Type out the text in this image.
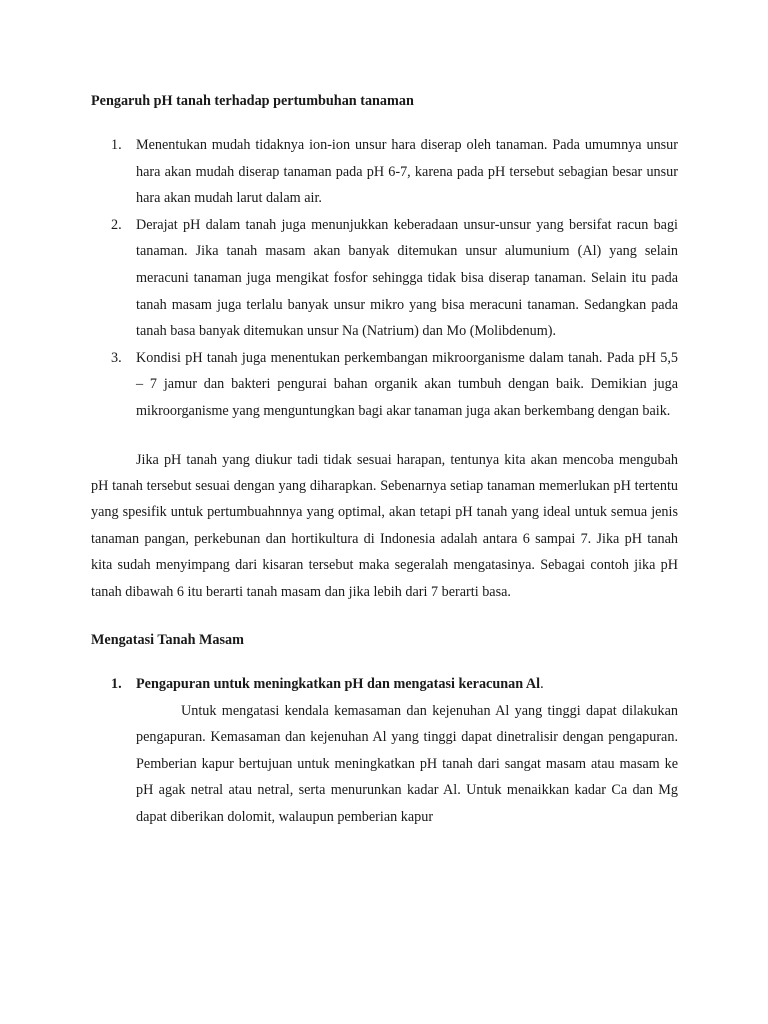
Pengaruh pH tanah terhadap pertumbuhan tanaman

1. Menentukan mudah tidaknya ion-ion unsur hara diserap oleh tanaman. Pada umumnya unsur hara akan mudah diserap tanaman pada pH 6-7, karena pada pH tersebut sebagian besar unsur hara akan mudah larut dalam air.
2. Derajat pH dalam tanah juga menunjukkan keberadaan unsur-unsur yang bersifat racun bagi tanaman. Jika tanah masam akan banyak ditemukan unsur alumunium (Al) yang selain meracuni tanaman juga mengikat fosfor sehingga tidak bisa diserap tanaman. Selain itu pada tanah masam juga terlalu banyak unsur mikro yang bisa meracuni tanaman. Sedangkan pada tanah basa banyak ditemukan unsur Na (Natrium) dan Mo (Molibdenum).
3. Kondisi pH tanah juga menentukan perkembangan mikroorganisme dalam tanah. Pada pH 5,5 – 7 jamur dan bakteri pengurai bahan organik akan tumbuh dengan baik. Demikian juga mikroorganisme yang menguntungkan bagi akar tanaman juga akan berkembang dengan baik.

Jika pH tanah yang diukur tadi tidak sesuai harapan, tentunya kita akan mencoba mengubah pH tanah tersebut sesuai dengan yang diharapkan. Sebenarnya setiap tanaman memerlukan pH tertentu yang spesifik untuk pertumbuahnnya yang optimal, akan tetapi pH tanah yang ideal untuk semua jenis tanaman pangan, perkebunan dan hortikultura di Indonesia adalah antara 6 sampai 7. Jika pH tanah kita sudah menyimpang dari kisaran tersebut maka segeralah mengatasinya. Sebagai contoh jika pH tanah dibawah 6 itu berarti tanah masam dan jika lebih dari 7 berarti basa.

Mengatasi Tanah Masam

1. Pengapuran untuk meningkatkan pH dan mengatasi keracunan Al.

Untuk mengatasi kendala kemasaman dan kejenuhan Al yang tinggi dapat dilakukan pengapuran. Kemasaman dan kejenuhan Al yang tinggi dapat dinetralisir dengan pengapuran. Pemberian kapur bertujuan untuk meningkatkan pH tanah dari sangat masam atau masam ke pH agak netral atau netral, serta menurunkan kadar Al. Untuk menaikkan kadar Ca dan Mg dapat diberikan dolomit, walaupun pemberian kapur
